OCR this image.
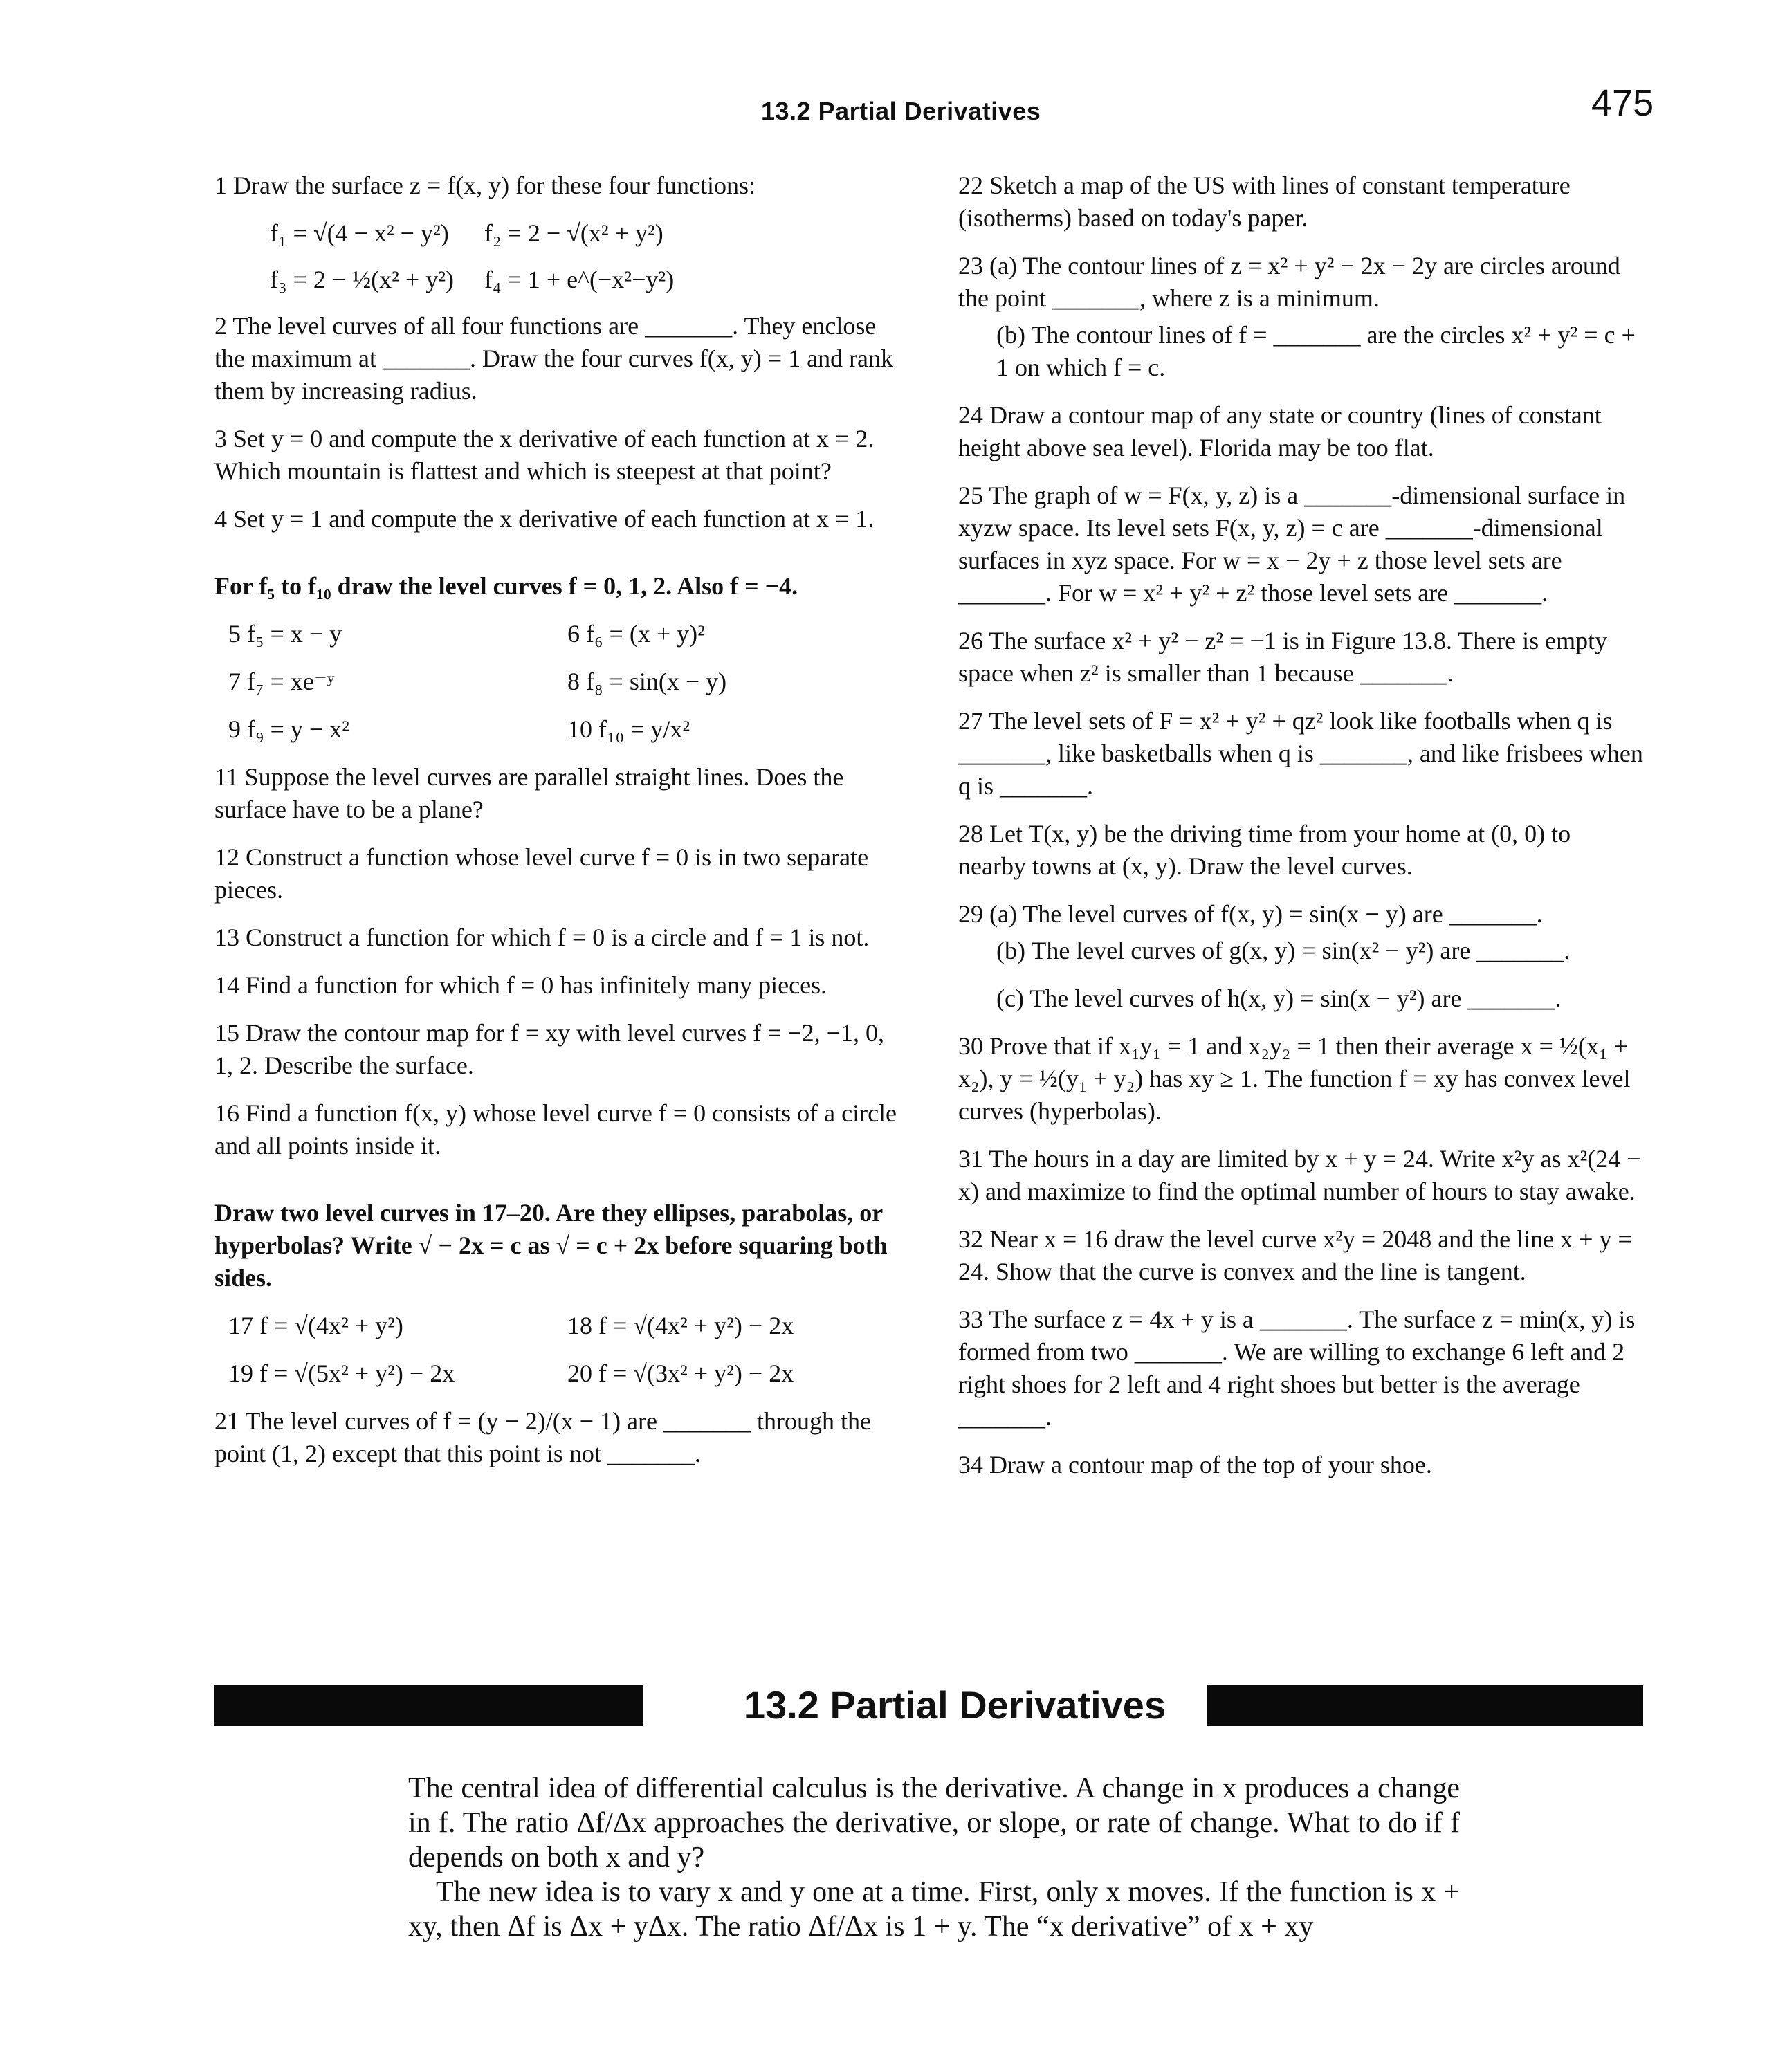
13.2 Partial Derivatives	475

1 Draw the surface z = f(x, y) for these four functions:

f₁ = √(4 − x² − y²)	f₂ = 2 − √(x² + y²)
f₃ = 2 − ½(x² + y²)	f₄ = 1 + e^(−x²−y²)

2 The level curves of all four functions are _______. They enclose the maximum at _______. Draw the four curves f(x, y) = 1 and rank them by increasing radius.

3 Set y = 0 and compute the x derivative of each function at x = 2. Which mountain is flattest and which is steepest at that point?

4 Set y = 1 and compute the x derivative of each function at x = 1.

For f₅ to f₁₀ draw the level curves f = 0, 1, 2. Also f = −4.

5 f₅ = x − y	6 f₆ = (x + y)²
7 f₇ = xe⁻ʸ	8 f₈ = sin(x − y)
9 f₉ = y − x²	10 f₁₀ = y/x²

11 Suppose the level curves are parallel straight lines. Does the surface have to be a plane?

12 Construct a function whose level curve f = 0 is in two separate pieces.

13 Construct a function for which f = 0 is a circle and f = 1 is not.

14 Find a function for which f = 0 has infinitely many pieces.

15 Draw the contour map for f = xy with level curves f = −2, −1, 0, 1, 2. Describe the surface.

16 Find a function f(x, y) whose level curve f = 0 consists of a circle and all points inside it.

Draw two level curves in 17–20. Are they ellipses, parabolas, or hyperbolas? Write √ − 2x = c as √ = c + 2x before squaring both sides.

17 f = √(4x² + y²)	18 f = √(4x² + y²) − 2x
19 f = √(5x² + y²) − 2x	20 f = √(3x² + y²) − 2x

21 The level curves of f = (y − 2)/(x − 1) are _______ through the point (1, 2) except that this point is not _______.

22 Sketch a map of the US with lines of constant temperature (isotherms) based on today's paper.

23 (a) The contour lines of z = x² + y² − 2x − 2y are circles around the point _______, where z is a minimum.

(b) The contour lines of f = _______ are the circles x² + y² = c + 1 on which f = c.

24 Draw a contour map of any state or country (lines of constant height above sea level). Florida may be too flat.

25 The graph of w = F(x, y, z) is a _______-dimensional surface in xyzw space. Its level sets F(x, y, z) = c are _______-dimensional surfaces in xyz space. For w = x − 2y + z those level sets are _______. For w = x² + y² + z² those level sets are _______.

26 The surface x² + y² − z² = −1 is in Figure 13.8. There is empty space when z² is smaller than 1 because _______.

27 The level sets of F = x² + y² + qz² look like footballs when q is _______, like basketballs when q is _______, and like frisbees when q is _______.

28 Let T(x, y) be the driving time from your home at (0, 0) to nearby towns at (x, y). Draw the level curves.

29 (a) The level curves of f(x, y) = sin(x − y) are _______.

(b) The level curves of g(x, y) = sin(x² − y²) are _______.

(c) The level curves of h(x, y) = sin(x − y²) are _______.

30 Prove that if x₁y₁ = 1 and x₂y₂ = 1 then their average x = ½(x₁ + x₂), y = ½(y₁ + y₂) has xy ≥ 1. The function f = xy has convex level curves (hyperbolas).

31 The hours in a day are limited by x + y = 24. Write x²y as x²(24 − x) and maximize to find the optimal number of hours to stay awake.

32 Near x = 16 draw the level curve x²y = 2048 and the line x + y = 24. Show that the curve is convex and the line is tangent.

33 The surface z = 4x + y is a _______. The surface z = min(x, y) is formed from two _______. We are willing to exchange 6 left and 2 right shoes for 2 left and 4 right shoes but better is the average _______.

34 Draw a contour map of the top of your shoe.

13.2 Partial Derivatives

The central idea of differential calculus is the derivative. A change in x produces a change in f. The ratio Δf/Δx approaches the derivative, or slope, or rate of change. What to do if f depends on both x and y?

The new idea is to vary x and y one at a time. First, only x moves. If the function is x + xy, then Δf is Δx + yΔx. The ratio Δf/Δx is 1 + y. The “x derivative” of x + xy
